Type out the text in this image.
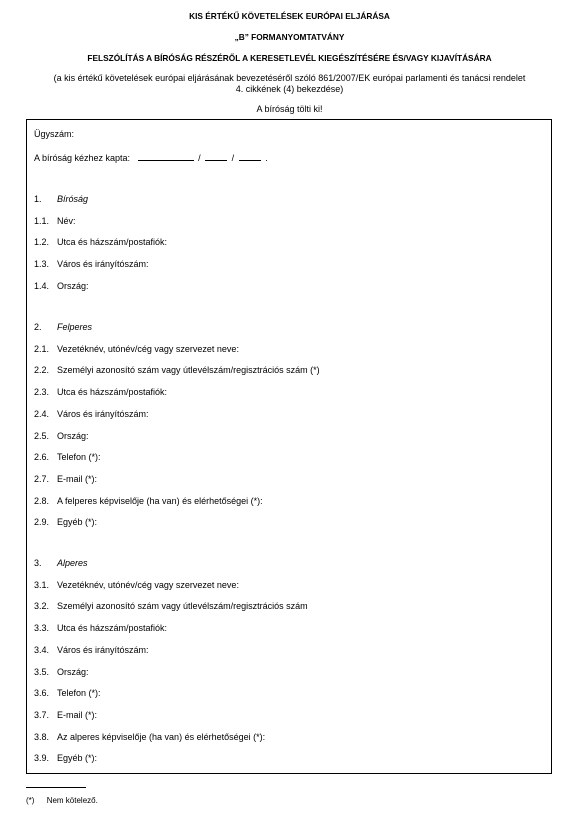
KIS ÉRTÉKŰ KÖVETELÉSEK EURÓPAI ELJÁRÁSA
„B” FORMANYOMTATVÁNY
FELSZÓLÍTÁS A BÍRÓSÁG RÉSZÉRŐL A KERESETLEVÉL KIEGÉSZÍTÉSÉRE ÉS/VAGY KIJAVÍTÁSÁRA
(a kis értékű követelések európai eljárásának bevezetéséről szóló 861/2007/EK európai parlamenti és tanácsi rendelet
4. cikkének (4) bekezdése)
A bíróság tölti ki!
Ügyszám:
A bíróság kézhez kapta:	/	/	.
1. Bíróság
1.1. Név:
1.2. Utca és házszám/postafiók:
1.3. Város és irányítószám:
1.4. Ország:
2. Felperes
2.1. Vezetéknév, utónév/cég vagy szervezet neve:
2.2. Személyi azonosító szám vagy útlevélszám/regisztrációs szám (*)
2.3. Utca és házszám/postafiók:
2.4. Város és irányítószám:
2.5. Ország:
2.6. Telefon (*):
2.7. E-mail (*):
2.8. A felperes képviselője (ha van) és elérhetőségei (*):
2.9. Egyéb (*):
3. Alperes
3.1. Vezetéknév, utónév/cég vagy szervezet neve:
3.2. Személyi azonosító szám vagy útlevélszám/regisztrációs szám
3.3. Utca és házszám/postafiók:
3.4. Város és irányítószám:
3.5. Ország:
3.6. Telefon (*):
3.7. E-mail (*):
3.8. Az alperes képviselője (ha van) és elérhetőségei (*):
3.9. Egyéb (*):
(*) Nem kötelező.
